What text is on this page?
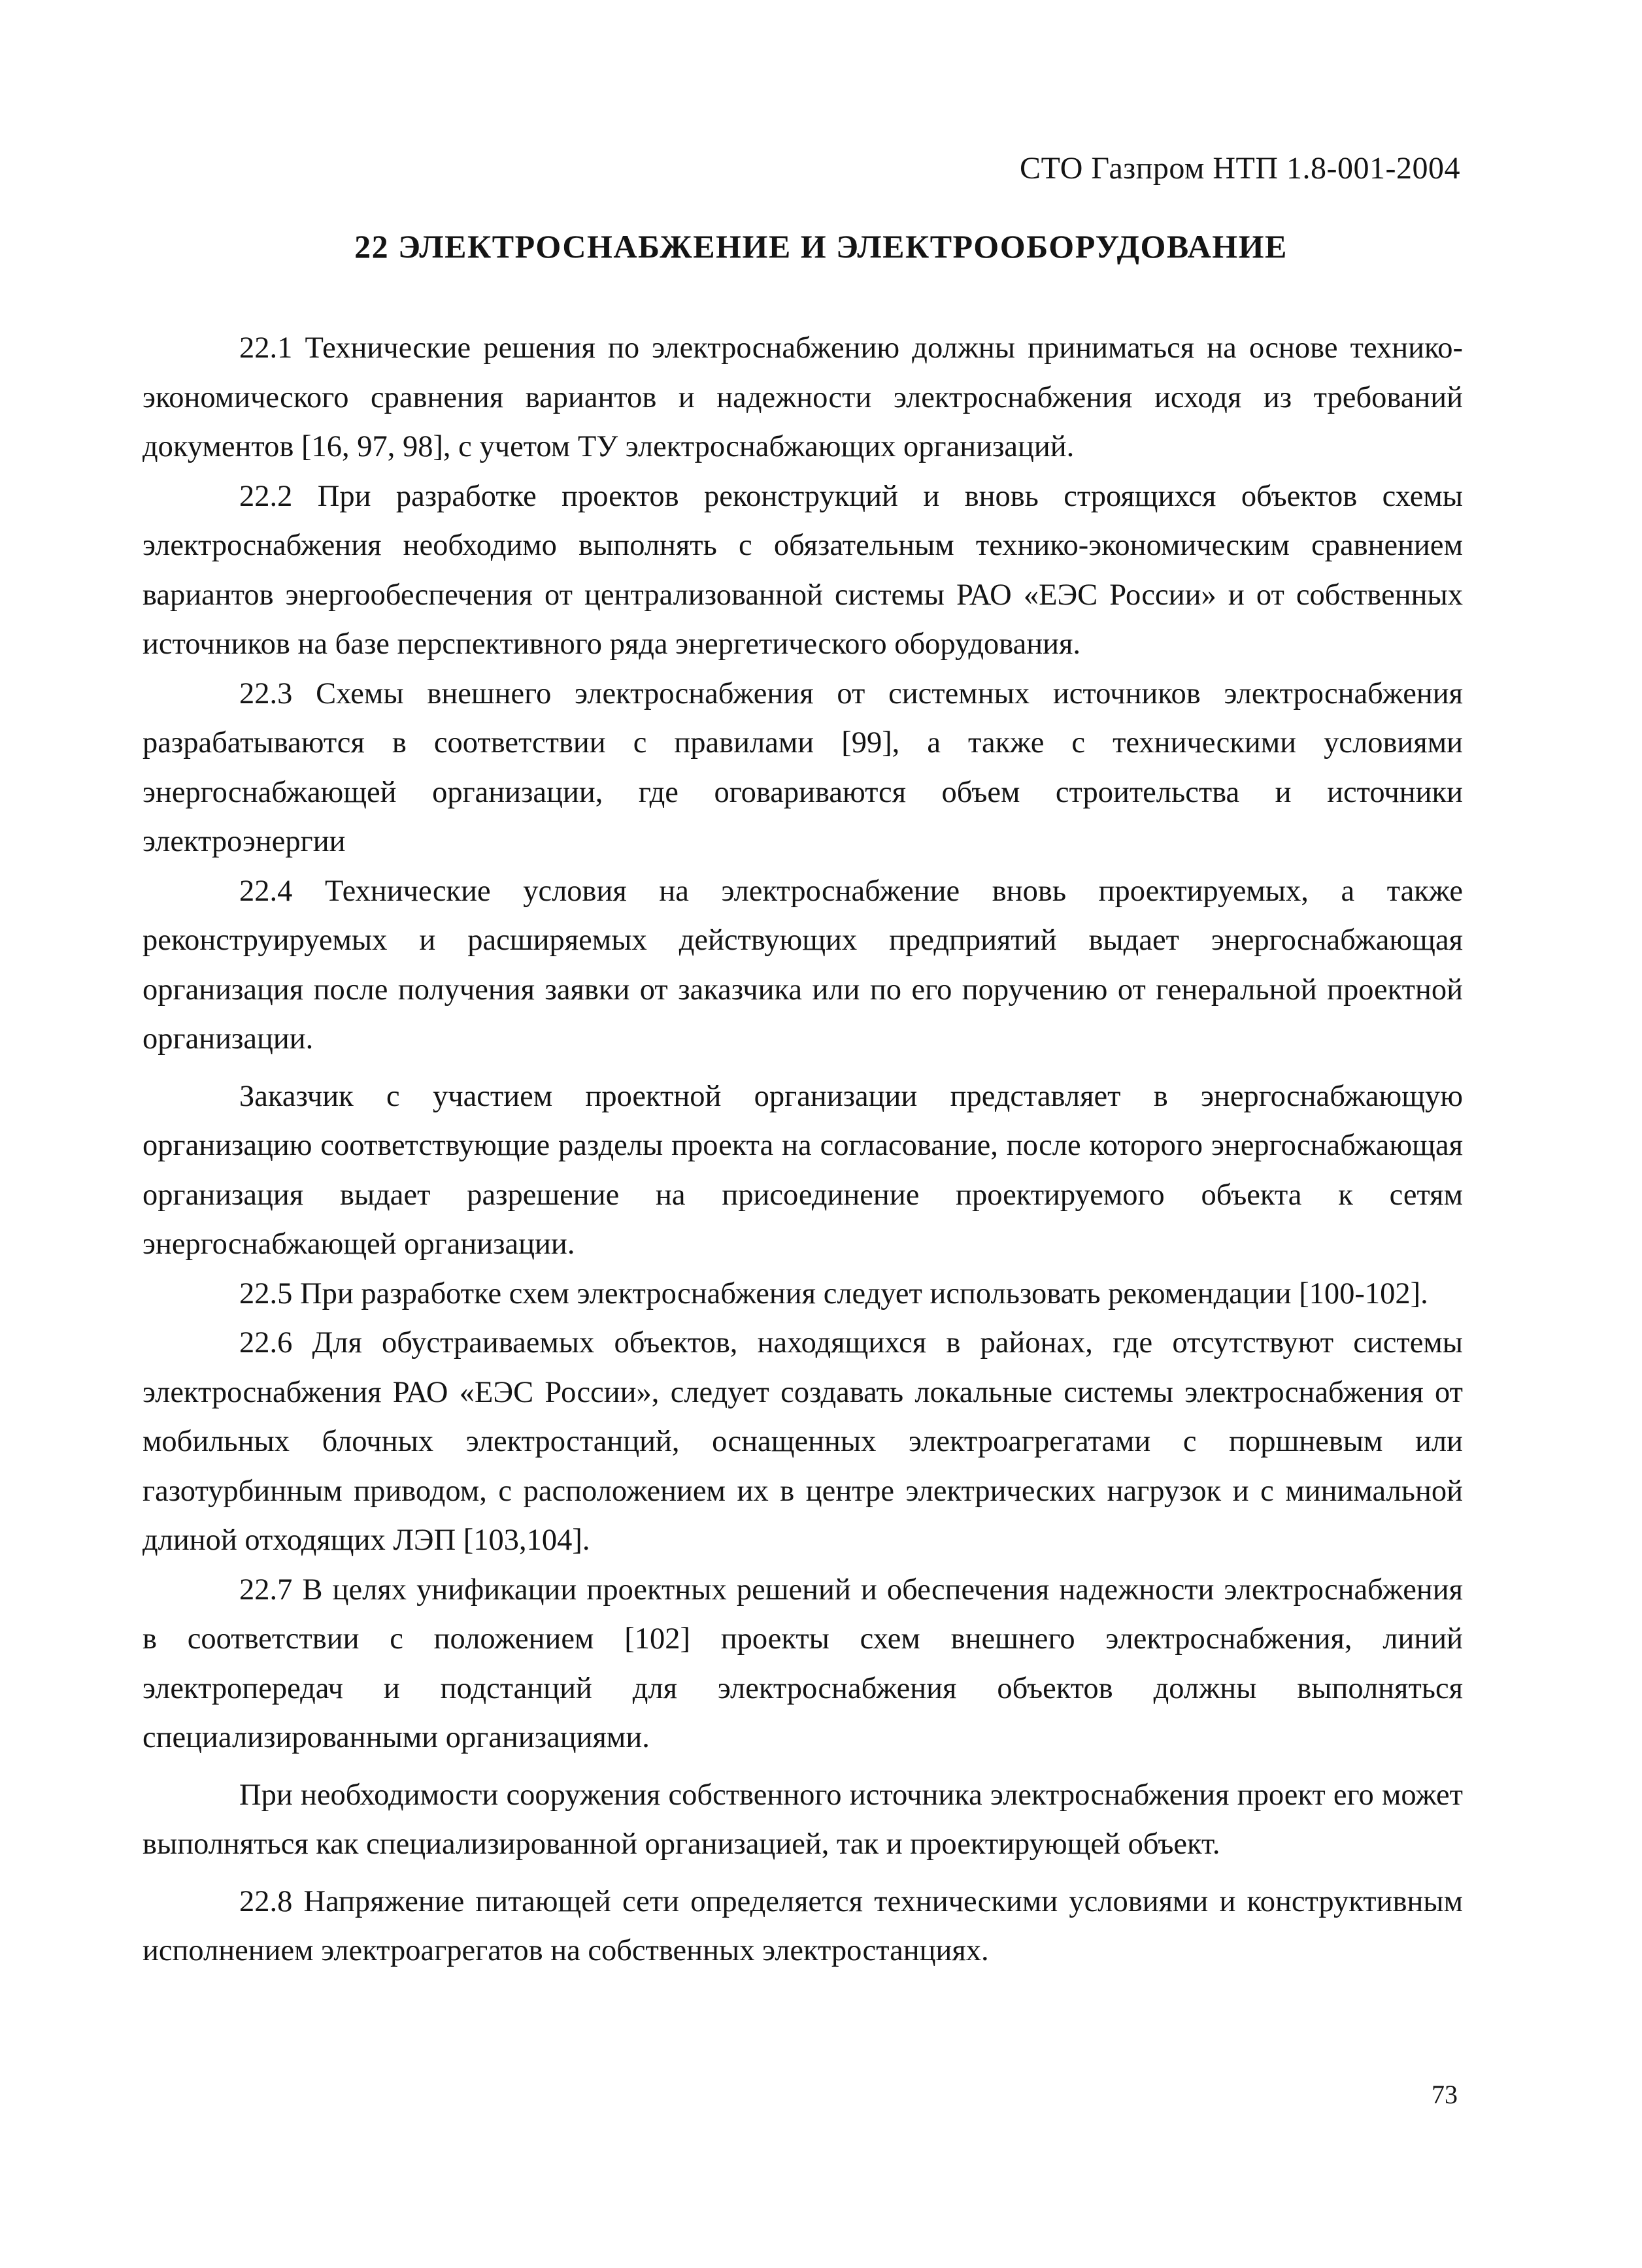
СТО Газпром НТП 1.8-001-2004
22 ЭЛЕКТРОСНАБЖЕНИЕ И ЭЛЕКТРООБОРУДОВАНИЕ

22.1 Технические решения по электроснабжению должны приниматься на основе технико-экономического сравнения вариантов и надежности электроснабжения исходя из требований документов [16, 97, 98], с учетом ТУ электроснабжающих организаций.

22.2 При разработке проектов реконструкций и вновь строящихся объектов схемы электроснабжения необходимо выполнять с обязательным технико-экономическим сравнением вариантов энергообеспечения от централизованной системы РАО «ЕЭС России» и от собственных источников на базе перспективного ряда энергетического оборудования.

22.3 Схемы внешнего электроснабжения от системных источников электроснабжения разрабатываются в соответствии с правилами [99], а также с техническими условиями энергоснабжающей организации, где оговариваются объем строительства и источники электроэнергии

22.4 Технические условия на электроснабжение вновь проектируемых, а также реконструируемых и расширяемых действующих предприятий выдает энергоснабжающая организация после получения заявки от заказчика или по его поручению от генеральной проектной организации.

Заказчик с участием проектной организации представляет в энергоснабжающую организацию соответствующие разделы проекта на согласование, после которого энергоснабжающая организация выдает разрешение на присоединение проектируемого объекта к сетям энергоснабжающей организации.

22.5 При разработке схем электроснабжения следует использовать рекомендации [100-102].

22.6 Для обустраиваемых объектов, находящихся в районах, где отсутствуют системы электроснабжения РАО «ЕЭС России», следует создавать локальные системы электроснабжения от мобильных блочных электростанций, оснащенных электроагрегатами с поршневым или газотурбинным приводом, с расположением их в центре электрических нагрузок и с минимальной длиной отходящих ЛЭП [103,104].

22.7 В целях унификации проектных решений и обеспечения надежности электроснабжения в соответствии с положением [102] проекты схем внешнего электроснабжения, линий электропередач и подстанций для электроснабжения объектов должны выполняться специализированными организациями.

При необходимости сооружения собственного источника электроснабжения проект его может выполняться как специализированной организацией, так и проектирующей объект.

22.8 Напряжение питающей сети определяется техническими условиями и конструктивным исполнением электроагрегатов на собственных электростанциях.

73
